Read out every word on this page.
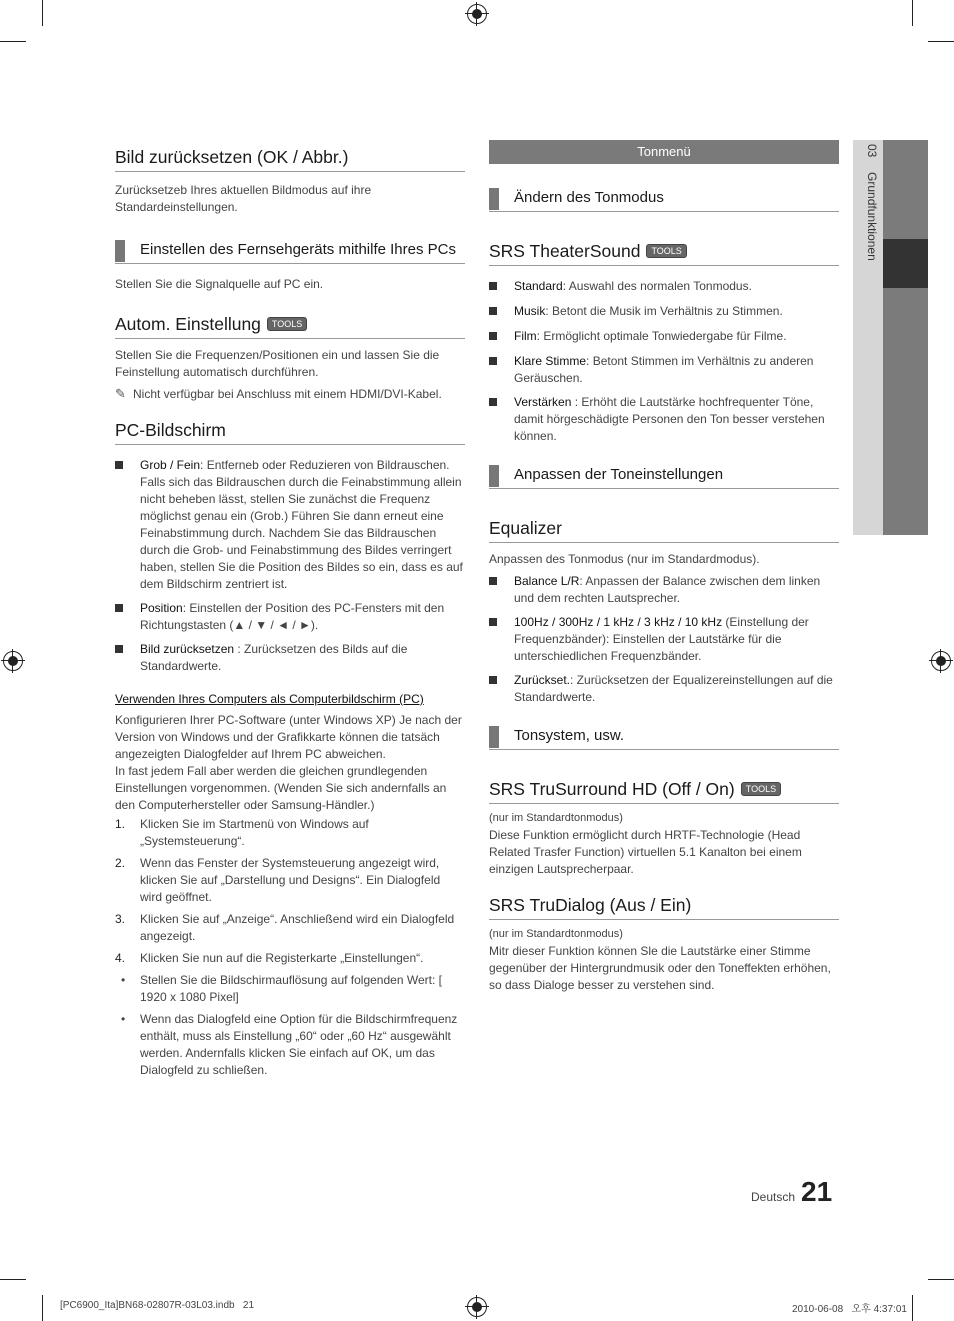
03  Grundfunktionen
Bild zurücksetzen (OK / Abbr.)

Zurücksetzeb Ihres aktuellen Bildmodus auf ihre Standardeinstellungen.

Einstellen des Fernsehgeräts mithilfe Ihres PCs

Stellen Sie die Signalquelle auf PC ein.

Autom. Einstellung TOOLS

Stellen Sie die Frequenzen/Positionen ein und lassen Sie die Feinstellung automatisch durchführen.

✎ Nicht verfügbar bei Anschluss mit einem HDMI/DVI-Kabel.

PC-Bildschirm
Grob / Fein: Entferneb oder Reduzieren von Bildrauschen. Falls sich das Bildrauschen durch die Feinabstimmung allein nicht beheben lässt, stellen Sie zunächst die Frequenz möglichst genau ein (Grob.) Führen Sie dann erneut eine Feinabstimmung durch. Nachdem Sie das Bildrauschen durch die Grob- und Feinabstimmung des Bildes verringert haben, stellen Sie die Position des Bildes so ein, dass es auf dem Bildschirm zentriert ist.
Position: Einstellen der Position des PC-Fensters mit den Richtungstasten (▲ / ▼ / ◄ / ►).
Bild zurücksetzen : Zurücksetzen des Bilds auf die Standardwerte.
Verwenden Ihres Computers als Computerbildschirm (PC)

Konfigurieren Ihrer PC-Software (unter Windows XP) Je nach der Version von Windows und der Grafikkarte können die tatsäch angezeigten Dialogfelder auf Ihrem PC abweichen.

In fast jedem Fall aber werden die gleichen grundlegenden Einstellungen vorgenommen. (Wenden Sie sich andernfalls an den Computerhersteller oder Samsung-Händler.)

1. Klicken Sie im Startmenü von Windows auf „Systemsteuerung“.
2. Wenn das Fenster der Systemsteuerung angezeigt wird, klicken Sie auf „Darstellung und Designs“. Ein Dialogfeld wird geöffnet.
3. Klicken Sie auf „Anzeige“. Anschließend wird ein Dialogfeld angezeigt.
4. Klicken Sie nun auf die Registerkarte „Einstellungen“.
• Stellen Sie die Bildschirmauflösung auf folgenden Wert: [ 1920 x 1080 Pixel]
• Wenn das Dialogfeld eine Option für die Bildschirmfrequenz enthält, muss als Einstellung „60“ oder „60 Hz“ ausgewählt werden. Andernfalls klicken Sie einfach auf OK, um das Dialogfeld zu schließen.
Tonmenü
Ändern des Tonmodus
SRS TheaterSound TOOLS
Standard: Auswahl des normalen Tonmodus.
Musik: Betont die Musik im Verhältnis zu Stimmen.
Film: Ermöglicht optimale Tonwiedergabe für Filme.
Klare Stimme: Betont Stimmen im Verhältnis zu anderen Geräuschen.
Verstärken : Erhöht die Lautstärke hochfrequenter Töne, damit hörgeschädigte Personen den Ton besser verstehen können.
Anpassen der Toneinstellungen
Equalizer

Anpassen des Tonmodus (nur im Standardmodus).

Balance L/R: Anpassen der Balance zwischen dem linken und dem rechten Lautsprecher.
100Hz / 300Hz / 1 kHz / 3 kHz / 10 kHz (Einstellung der Frequenzbänder): Einstellen der Lautstärke für die unterschiedlichen Frequenzbänder.
Zurückset.: Zurücksetzen der Equalizereinstellungen auf die Standardwerte.
Tonsystem, usw.
SRS TruSurround HD (Off / On) TOOLS

(nur im Standardtonmodus)

Diese Funktion ermöglicht durch HRTF-Technologie (Head Related Trasfer Function) virtuellen 5.1 Kanalton bei einem einzigen Lautsprecherpaar.

SRS TruDialog (Aus / Ein)

(nur im Standardtonmodus)

Mitr dieser Funktion können Sle die Lautstärke einer Stimme gegenüber der Hintergrundmusik oder den Toneffekten erhöhen, so dass Dialoge besser zu verstehen sind.

Deutsch 21
[PC6900_Ita]BN68-02807R-03L03.indb   21	2010-06-08   오후 4:37:01
